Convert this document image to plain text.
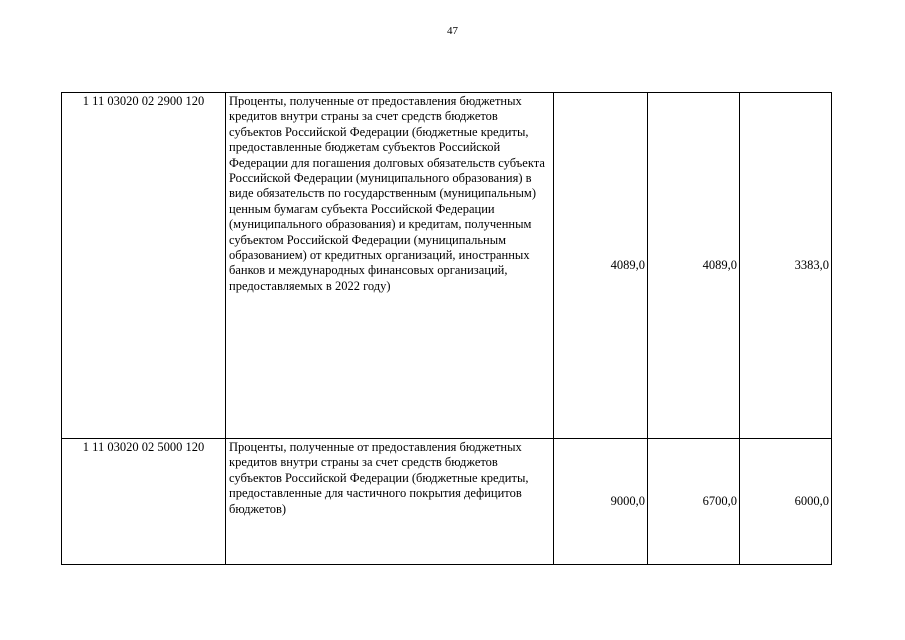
47
1 11 03020 02 2900 120	Проценты, полученные от предоставления бюджетных кредитов внутри страны за счет средств бюджетов субъектов Российской Федерации (бюджетные кредиты, предоставленные бюджетам субъектов Российской Федерации для погашения долговых обязательств субъекта Российской Федерации (муниципального образования) в виде обязательств по государственным (муниципальным) ценным бумагам субъекта Российской Федерации (муниципального образования) и кредитам, полученным субъектом Российской Федерации (муниципальным образованием) от кредитных организаций, иностранных банков и международных финансовых организаций, предоставляемых в 2022 году)	4089,0	4089,0	3383,0
1 11 03020 02 5000 120	Проценты, полученные от предоставления бюджетных кредитов внутри страны за счет средств бюджетов субъектов Российской Федерации (бюджетные кредиты, предоставленные для частичного покрытия дефицитов бюджетов)	9000,0	6700,0	6000,0
